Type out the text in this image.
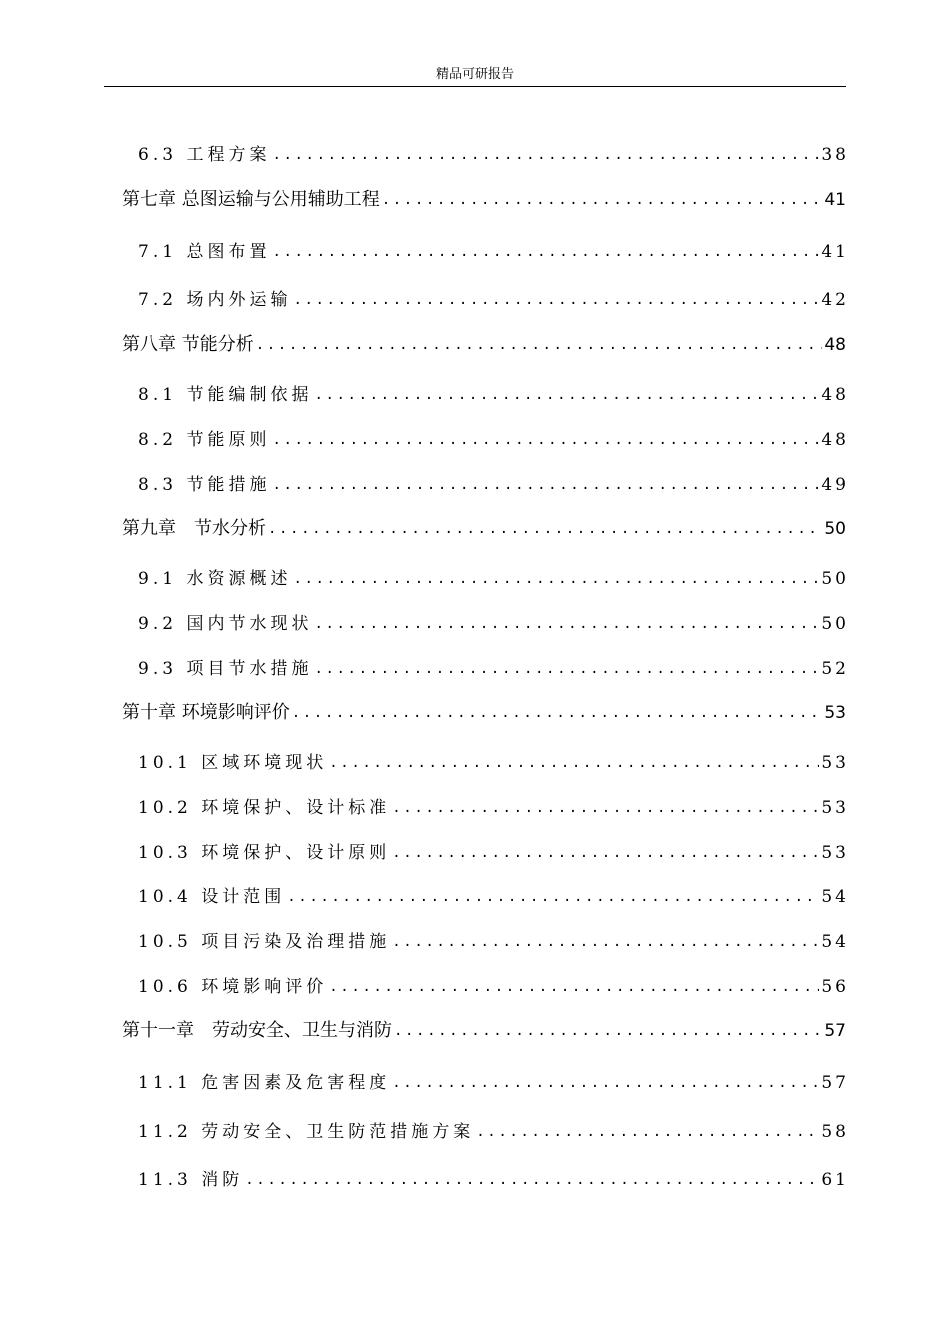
精品可研报告
6.3 工程方案 .....	38
第七章 总图运输与公用辅助工程 .....	41
7.1 总图布置 .....	41
7.2 场内外运输 .....	42
第八章 节能分析 .....	48
8.1 节能编制依据 .....	48
8.2 节能原则 .....	48
8.3 节能措施 .....	49
第九章　节水分析 .....	50
9.1 水资源概述 .....	50
9.2 国内节水现状 .....	50
9.3 项目节水措施 .....	52
第十章 环境影响评价 .....	53
10.1 区域环境现状 .....	53
10.2 环境保护、设计标准 .....	53
10.3 环境保护、设计原则 .....	53
10.4 设计范围 .....	54
10.5 项目污染及治理措施 .....	54
10.6 环境影响评价 .....	56
第十一章　劳动安全、卫生与消防 .....	57
11.1 危害因素及危害程度 .....	57
11.2 劳动安全、卫生防范措施方案 .....	58
11.3 消防 .....	61
